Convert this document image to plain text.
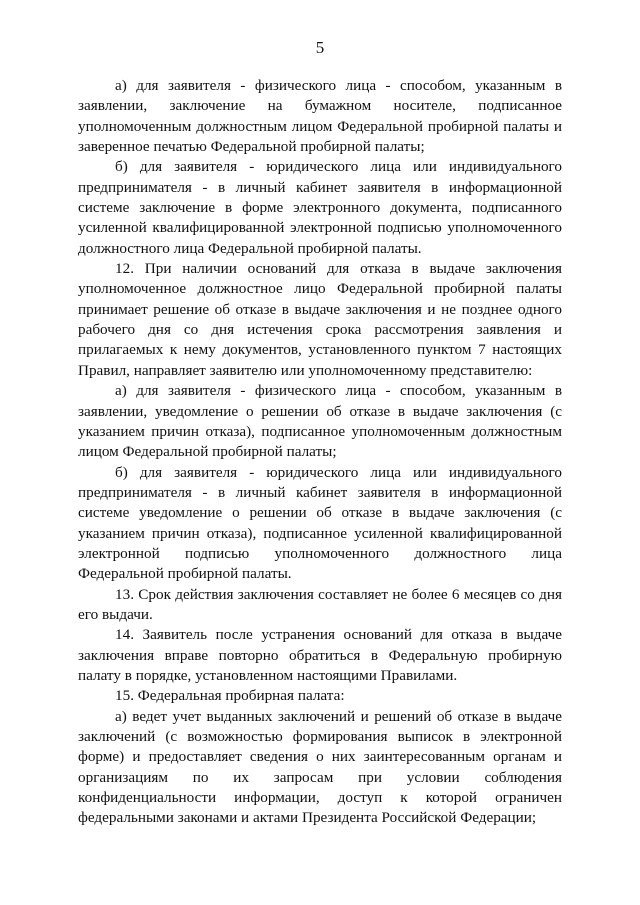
5

а) для заявителя - физического лица - способом, указанным в заявлении, заключение на бумажном носителе, подписанное уполномоченным должностным лицом Федеральной пробирной палаты и заверенное печатью Федеральной пробирной палаты;

б) для заявителя - юридического лица или индивидуального предпринимателя - в личный кабинет заявителя в информационной системе заключение в форме электронного документа, подписанного усиленной квалифицированной электронной подписью уполномоченного должностного лица Федеральной пробирной палаты.

12. При наличии оснований для отказа в выдаче заключения уполномоченное должностное лицо Федеральной пробирной палаты принимает решение об отказе в выдаче заключения и не позднее одного рабочего дня со дня истечения срока рассмотрения заявления и прилагаемых к нему документов, установленного пунктом 7 настоящих Правил, направляет заявителю или уполномоченному представителю:

а) для заявителя - физического лица - способом, указанным в заявлении, уведомление о решении об отказе в выдаче заключения (с указанием причин отказа), подписанное уполномоченным должностным лицом Федеральной пробирной палаты;

б) для заявителя - юридического лица или индивидуального предпринимателя - в личный кабинет заявителя в информационной системе уведомление о решении об отказе в выдаче заключения (с указанием причин отказа), подписанное усиленной квалифицированной электронной подписью уполномоченного должностного лица Федеральной пробирной палаты.

13. Срок действия заключения составляет не более 6 месяцев со дня его выдачи.

14. Заявитель после устранения оснований для отказа в выдаче заключения вправе повторно обратиться в Федеральную пробирную палату в порядке, установленном настоящими Правилами.

15. Федеральная пробирная палата:

а) ведет учет выданных заключений и решений об отказе в выдаче заключений (с возможностью формирования выписок в электронной форме) и предоставляет сведения о них заинтересованным органам и организациям по их запросам при условии соблюдения конфиденциальности информации, доступ к которой ограничен федеральными законами и актами Президента Российской Федерации;
